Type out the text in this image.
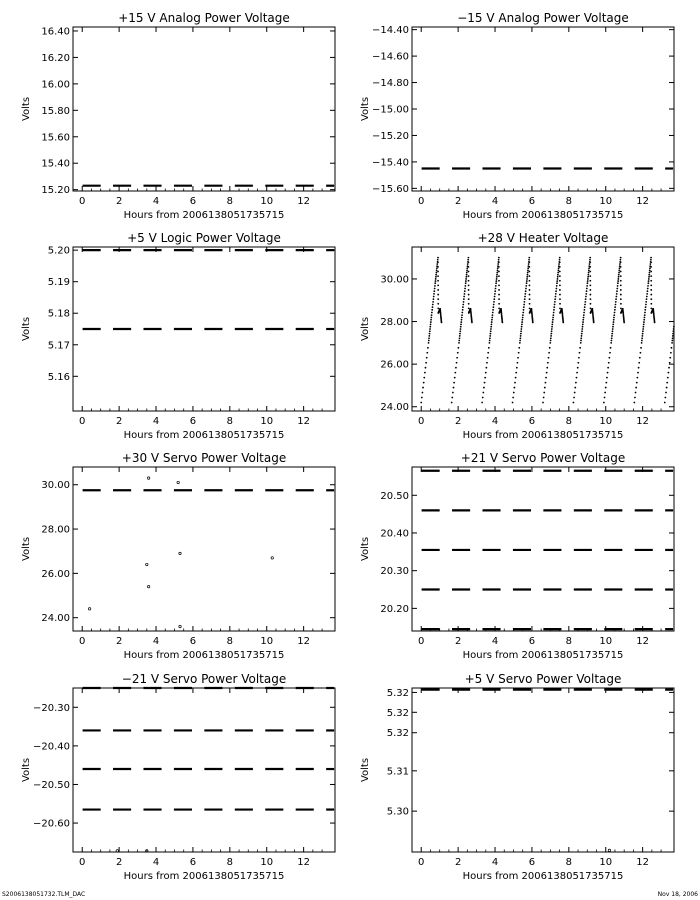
+15 V Analog Power Voltage
Hours from 2006138051735715
Volts
0	2	4	6	8	10 12
15.20
15.40
15.60
15.80
16.00
16.20
16.40
−15 V Analog Power Voltage
Hours from 2006138051735715
Volts
0	2	4	6	8	10 12
−14.40
−14.60
−14.80
−15.00
−15.20
−15.40
−15.60
+5 V Logic Power Voltage
Hours from 2006138051735715
Volts
0	2	4	6	8	10 12
5.16
5.17
5.18
5.19
5.20
+28 V Heater Voltage
Hours from 2006138051735715
Volts
0	2	4	6	8	10 12
24.00
26.00
28.00
30.00
+30 V Servo Power Voltage
Hours from 2006138051735715
Volts
0	2	4	6	8	10 12
24.00
26.00
28.00
30.00
+21 V Servo Power Voltage
Hours from 2006138051735715
Volts
0	2	4	6	8	10 12
20.20
20.30
20.40
20.50
−21 V Servo Power Voltage
Hours from 2006138051735715
Volts
0	2	4	6	8	10 12
−20.30
−20.40
−20.50
−20.60
+5 V Servo Power Voltage
Hours from 2006138051735715
Volts
0	2	4	6	8	10 12
5.30
5.31
5.32
5.32
5.32
S2006138051732.TLM_DAC	Nov 18, 2006
